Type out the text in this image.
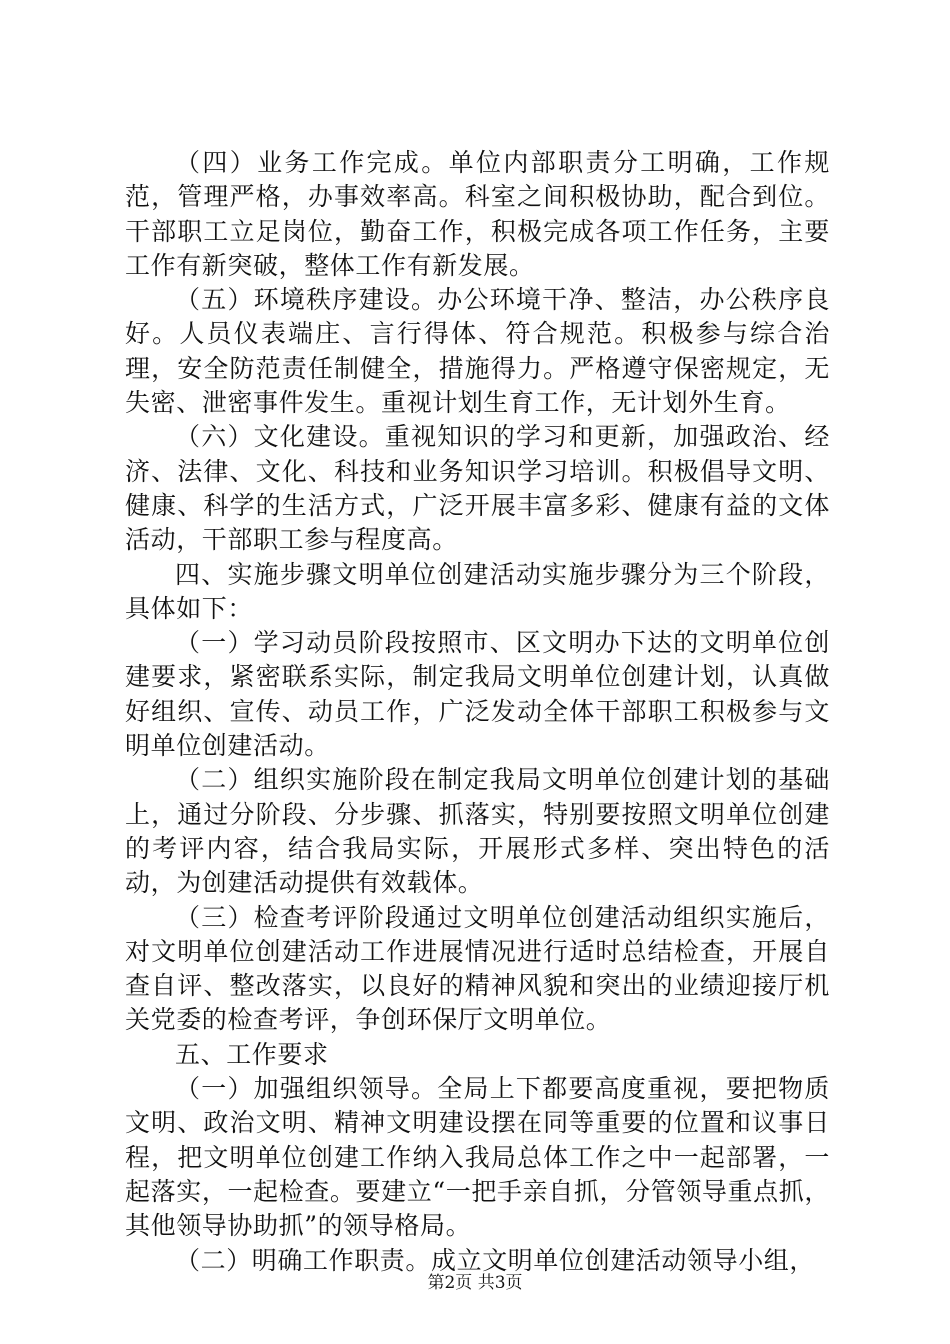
（四）业务工作完成。单位内部职责分工明确，工作规范，管理严格，办事效率高。科室之间积极协助，配合到位。干部职工立足岗位，勤奋工作，积极完成各项工作任务，主要工作有新突破，整体工作有新发展。

（五）环境秩序建设。办公环境干净、整洁，办公秩序良好。人员仪表端庄、言行得体、符合规范。积极参与综合治理，安全防范责任制健全，措施得力。严格遵守保密规定，无失密、泄密事件发生。重视计划生育工作，无计划外生育。

（六）文化建设。重视知识的学习和更新，加强政治、经济、法律、文化、科技和业务知识学习培训。积极倡导文明、健康、科学的生活方式，广泛开展丰富多彩、健康有益的文体活动，干部职工参与程度高。

四、实施步骤文明单位创建活动实施步骤分为三个阶段，具体如下：

（一）学习动员阶段按照市、区文明办下达的文明单位创建要求，紧密联系实际，制定我局文明单位创建计划，认真做好组织、宣传、动员工作，广泛发动全体干部职工积极参与文明单位创建活动。

（二）组织实施阶段在制定我局文明单位创建计划的基础上，通过分阶段、分步骤、抓落实，特别要按照文明单位创建的考评内容，结合我局实际，开展形式多样、突出特色的活动，为创建活动提供有效载体。

（三）检查考评阶段通过文明单位创建活动组织实施后，对文明单位创建活动工作进展情况进行适时总结检查，开展自查自评、整改落实，以良好的精神风貌和突出的业绩迎接厅机关党委的检查考评，争创环保厅文明单位。

五、工作要求

（一）加强组织领导。全局上下都要高度重视，要把物质文明、政治文明、精神文明建设摆在同等重要的位置和议事日程，把文明单位创建工作纳入我局总体工作之中一起部署，一起落实，一起检查。要建立“一把手亲自抓，分管领导重点抓，其他领导协助抓”的领导格局。

（二）明确工作职责。成立文明单位创建活动领导小组，

第2页 共3页
